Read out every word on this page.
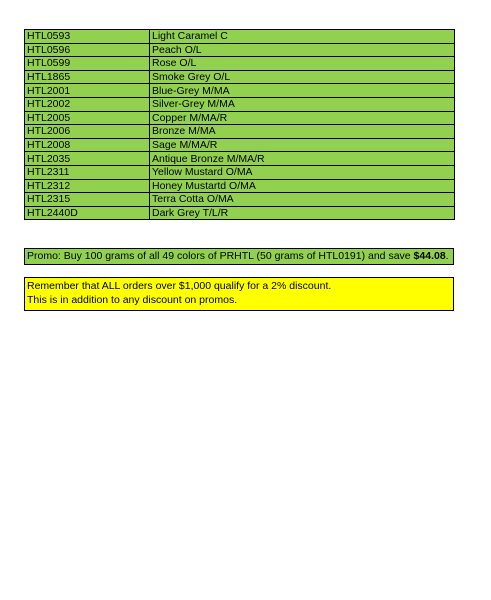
HTL0593	Light Caramel C
HTL0596	Peach O/L
HTL0599	Rose O/L
HTL1865	Smoke Grey O/L
HTL2001	Blue-Grey M/MA
HTL2002	Silver-Grey M/MA
HTL2005	Copper M/MA/R
HTL2006	Bronze M/MA
HTL2008	Sage M/MA/R
HTL2035	Antique Bronze M/MA/R
HTL2311	Yellow Mustard O/MA
HTL2312	Honey Mustartd O/MA
HTL2315	Terra Cotta O/MA
HTL2440D	Dark Grey T/L/R
Promo: Buy 100 grams of all 49 colors of PRHTL (50 grams of HTL0191) and save $44.08.
Remember that ALL orders over $1,000 qualify for a 2% discount.
This is in addition to any discount on promos.
